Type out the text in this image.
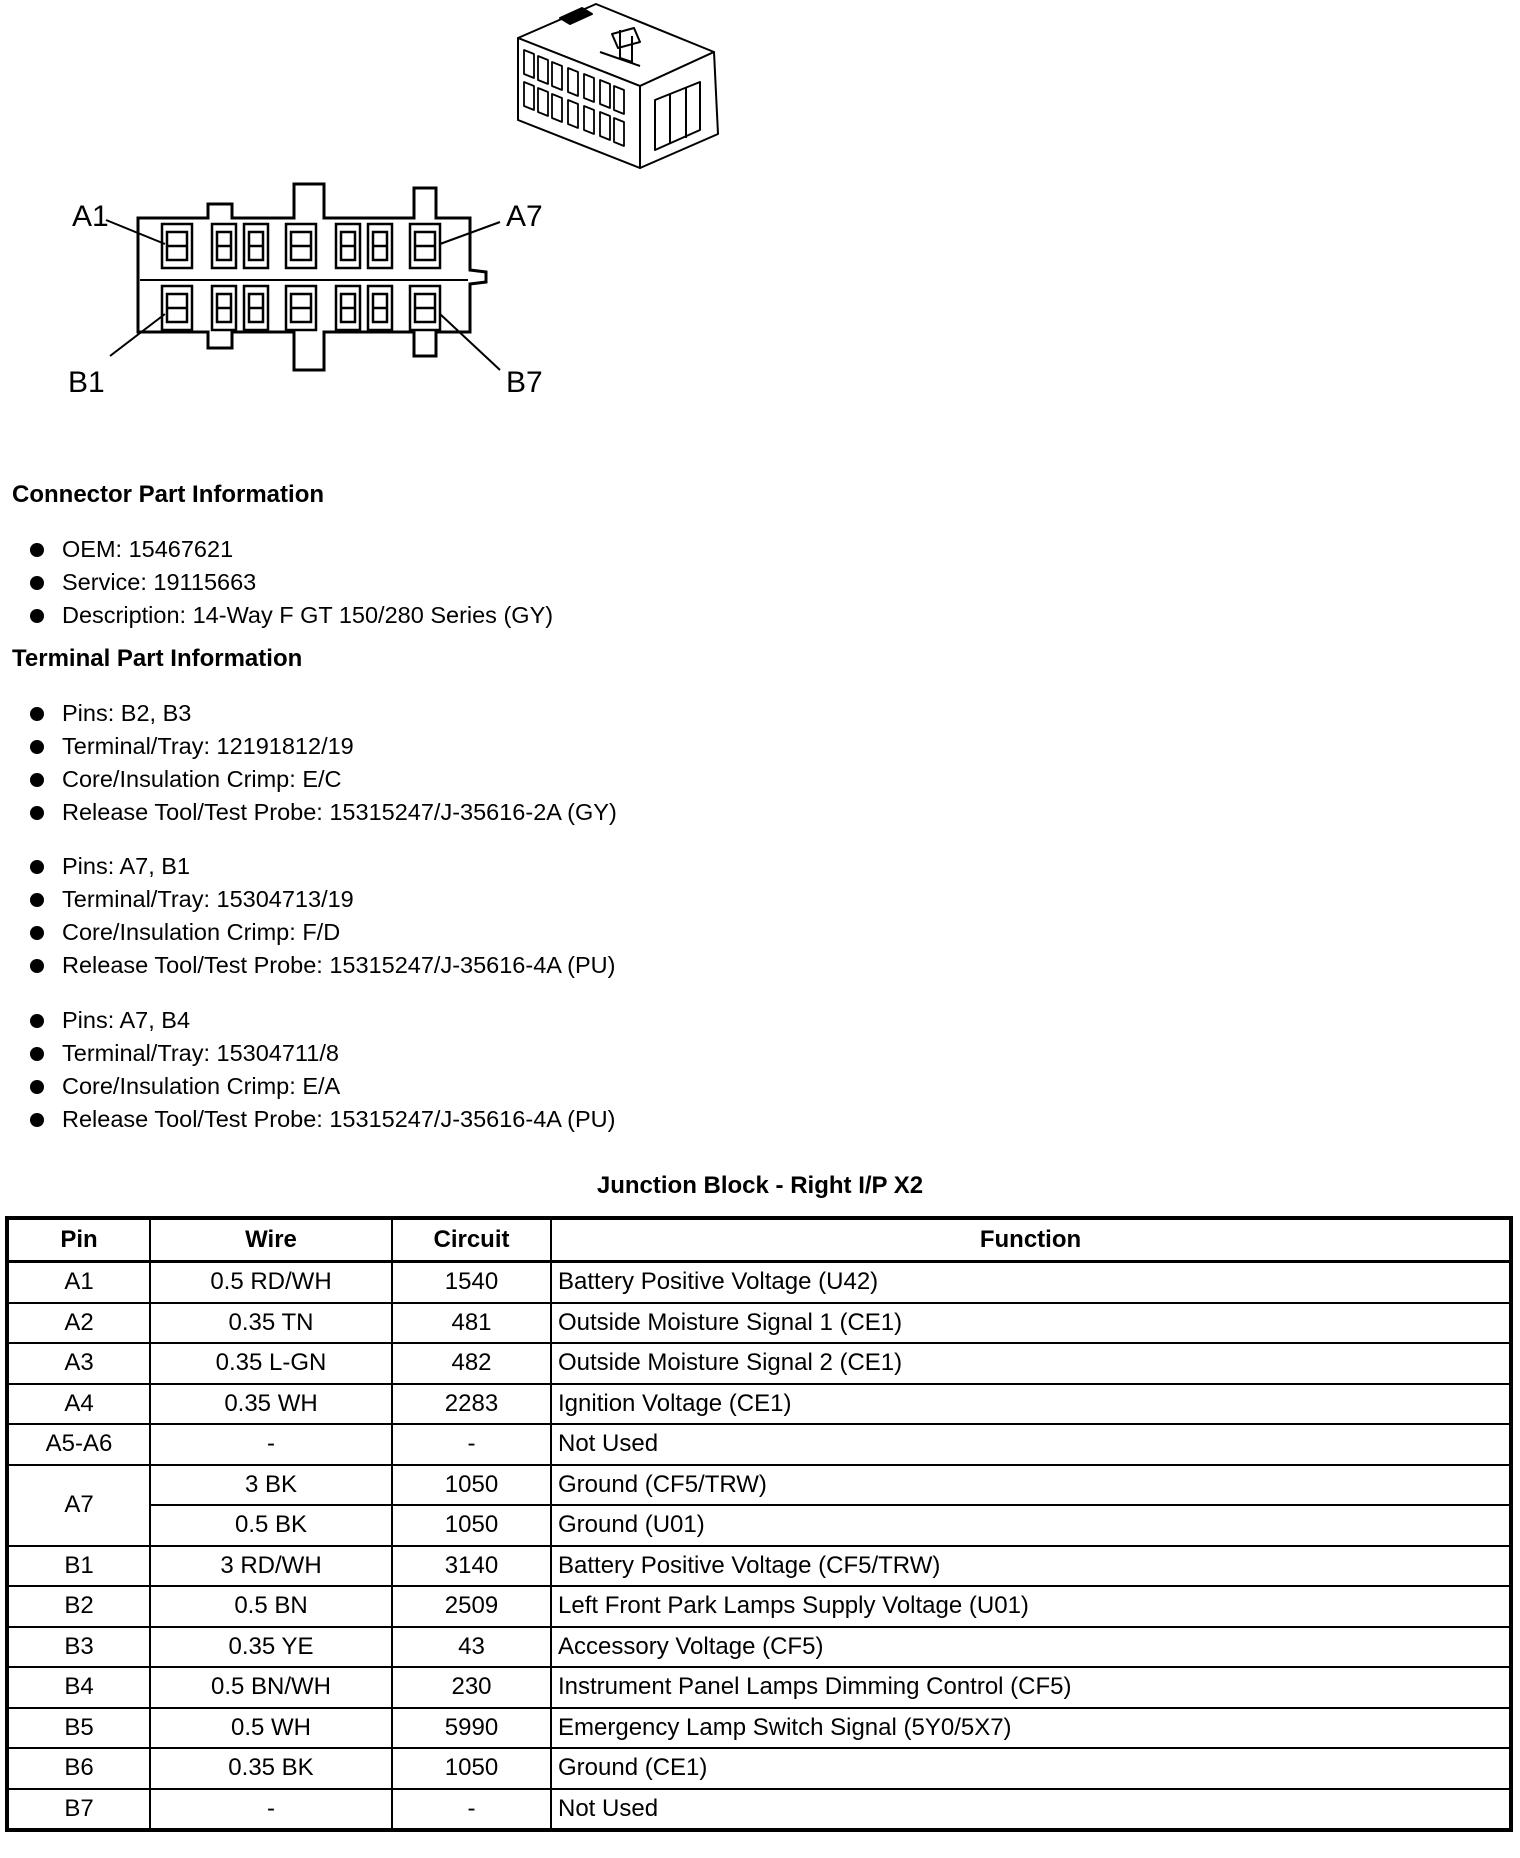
A1	A7
B1	B7
Connector Part Information
OEM: 15467621
Service: 19115663
Description: 14-Way F GT 150/280 Series (GY)
Terminal Part Information
Pins: B2, B3
Terminal/Tray: 12191812/19
Core/Insulation Crimp: E/C
Release Tool/Test Probe: 15315247/J-35616-2A (GY)
Pins: A7, B1
Terminal/Tray: 15304713/19
Core/Insulation Crimp: F/D
Release Tool/Test Probe: 15315247/J-35616-4A (PU)
Pins: A7, B4
Terminal/Tray: 15304711/8
Core/Insulation Crimp: E/A
Release Tool/Test Probe: 15315247/J-35616-4A (PU)
Junction Block - Right I/P X2
Pin	Wire	Circuit	Function
A1	0.5 RD/WH	1540	Battery Positive Voltage (U42)
A2	0.35 TN	481	Outside Moisture Signal 1 (CE1)
A3	0.35 L-GN	482	Outside Moisture Signal 2 (CE1)
A4	0.35 WH	2283	Ignition Voltage (CE1)
A5-A6	-	-	Not Used
A7	3 BK	1050	Ground (CF5/TRW)
	0.5 BK	1050	Ground (U01)
B1	3 RD/WH	3140	Battery Positive Voltage (CF5/TRW)
B2	0.5 BN	2509	Left Front Park Lamps Supply Voltage (U01)
B3	0.35 YE	43	Accessory Voltage (CF5)
B4	0.5 BN/WH	230	Instrument Panel Lamps Dimming Control (CF5)
B5	0.5 WH	5990	Emergency Lamp Switch Signal (5Y0/5X7)
B6	0.35 BK	1050	Ground (CE1)
B7	-	-	Not Used
